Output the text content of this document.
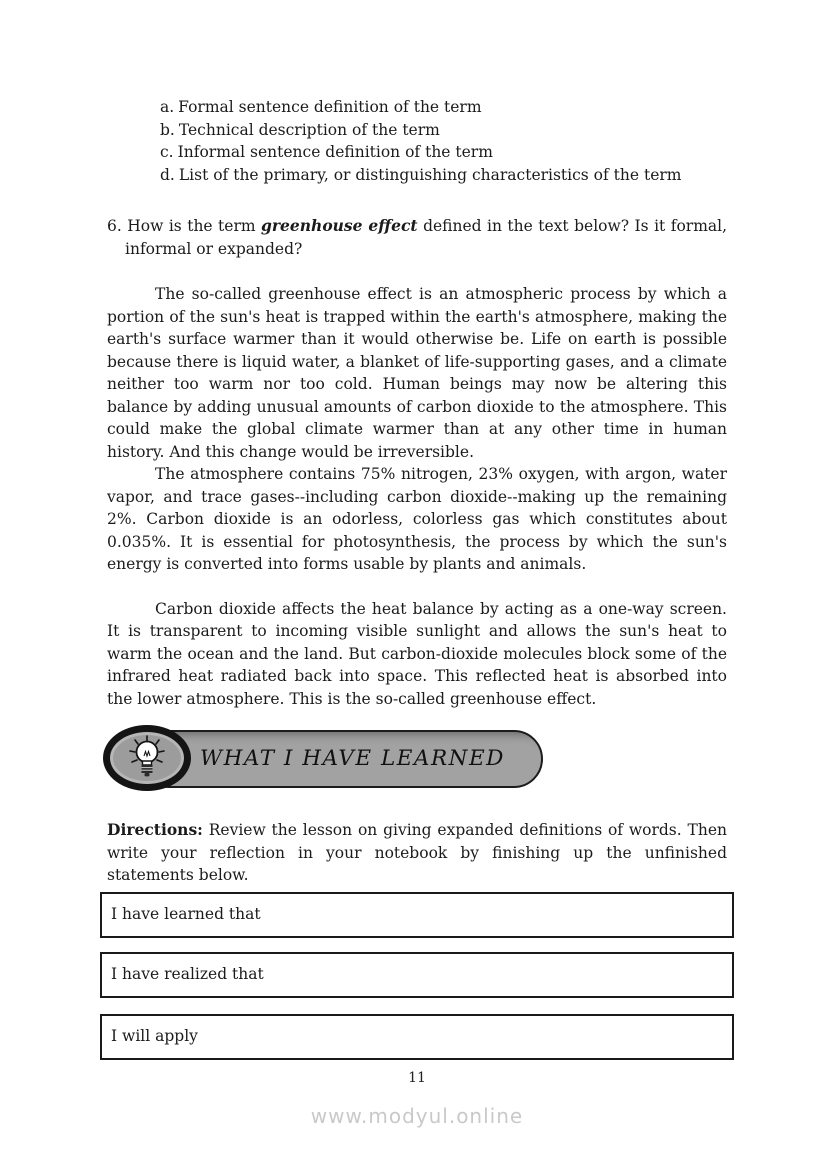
a. Formal sentence definition of the term
b. Technical description of the term
c. Informal sentence definition of the term
d. List of the primary, or distinguishing characteristics of the term
6. How is the term greenhouse effect defined in the text below? Is it formal, informal or expanded?

The so-called greenhouse effect is an atmospheric process by which a portion of the sun's heat is trapped within the earth's atmosphere, making the earth's surface warmer than it would otherwise be. Life on earth is possible because there is liquid water, a blanket of life-supporting gases, and a climate neither too warm nor too cold. Human beings may now be altering this balance by adding unusual amounts of carbon dioxide to the atmosphere. This could make the global climate warmer than at any other time in human history. And this change would be irreversible.

The atmosphere contains 75% nitrogen, 23% oxygen, with argon, water vapor, and trace gases--including carbon dioxide--making up the remaining 2%. Carbon dioxide is an odorless, colorless gas which constitutes about 0.035%. It is essential for photosynthesis, the process by which the sun's energy is converted into forms usable by plants and animals.

Carbon dioxide affects the heat balance by acting as a one-way screen. It is transparent to incoming visible sunlight and allows the sun's heat to warm the ocean and the land. But carbon-dioxide molecules block some of the infrared heat radiated back into space. This reflected heat is absorbed into the lower atmosphere. This is the so-called greenhouse effect.

WHAT I HAVE LEARNED

Directions: Review the lesson on giving expanded definitions of words. Then write your reflection in your notebook by finishing up the unfinished statements below.

I have learned that
I have realized that
I will apply
11
www.modyul.online
